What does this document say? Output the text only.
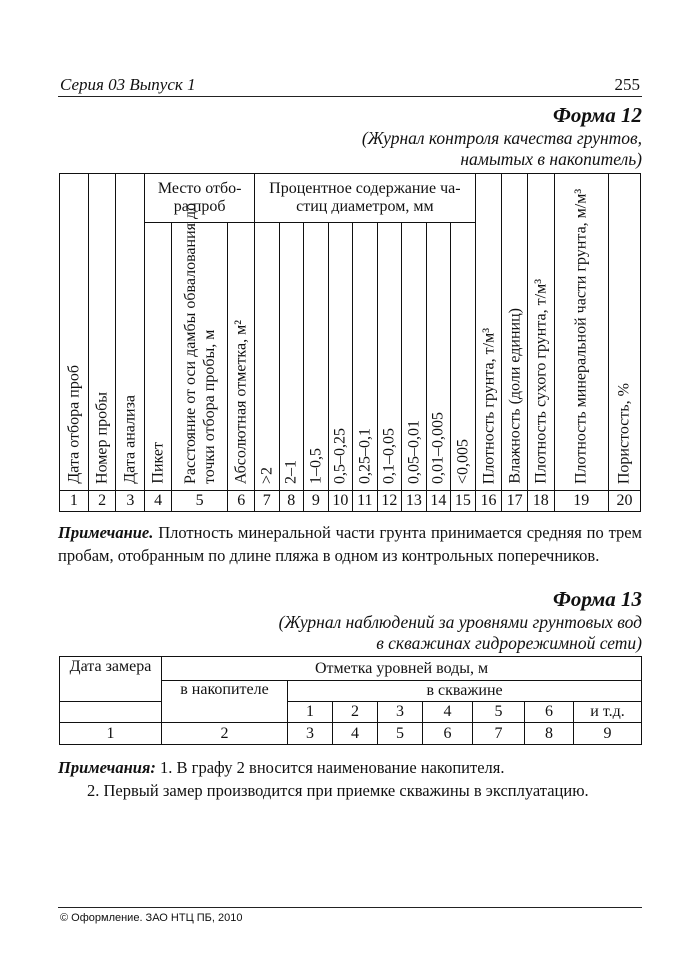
Серия 03 Выпуск 1	255
Форма 12
(Журнал контроля качества грунтов,
намытых в накопитель)
Дата отбора проб	Номер пробы	Дата анализа	Место отбо-ра проб			Процентное содержание ча-стиц диаметром, мм									Плотность грунта, т/м³	Влажность (доли единиц)	Плотность сухого грунта, т/м³	Плотность минеральной части грунта, м/м³	Пористость, %

			Пикет	Расстояние от оси дамбы обвалования до точки отбора пробы, м	Абсолютная отметка, м²	>2	2–1	1–0,5	0,5–0,25	0,25–0,1	0,1–0,05	0,05–0,01	0,01–0,005	<0,005					

1	2	3	4	5	6	7	8	9	10	11	12	13	14	15	16	17	18	19	20
Примечание. Плотность минеральной части грунта принимается средняя по трем пробам, отобранным по длине пляжа в одном из контрольных поперечников.
Форма 13
(Журнал наблюдений за уровнями грунтовых вод
в скважинах гидрорежимной сети)
Дата замера	Отметка уровней воды, м							
	в накопителе	в скважине						
		1	2	3	4	5	6	и т.д.
1	2	3	4	5	6	7	8	9
Примечания: 1. В графу 2 вносится наименование накопителя.
2. Первый замер производится при приемке скважины в эксплуатацию.
© Оформление. ЗАО НТЦ ПБ, 2010
